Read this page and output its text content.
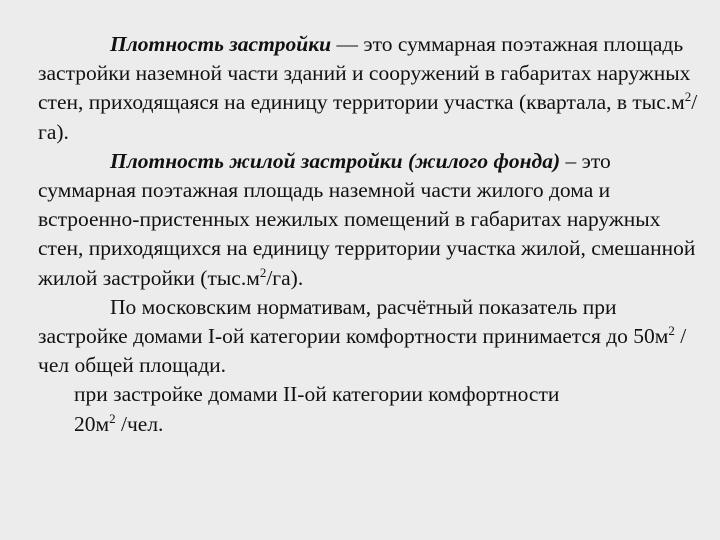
Плотность застройки — это суммарная поэтажная площадь застройки наземной части зданий и сооружений в габаритах наружных стен, приходящаяся на единицу территории участка (квартала, в $тыс.м^2/га$).

Плотность жилой застройки (жилого фонда) – это суммарная поэтажная площадь наземной части жилого дома и встроенно-пристенных нежилых помещений в габаритах наружных стен, приходящихся на единицу территории участка жилой, смешанной жилой застройки $(тыс.м^2/га)$.

По московским нормативам, расчётный показатель при застройке домами I-ой категории комфортности принимается до $50м^2$ /чел общей площади.

при застройке домами II-ой категории комфортности
$20м^2$ /чел.
